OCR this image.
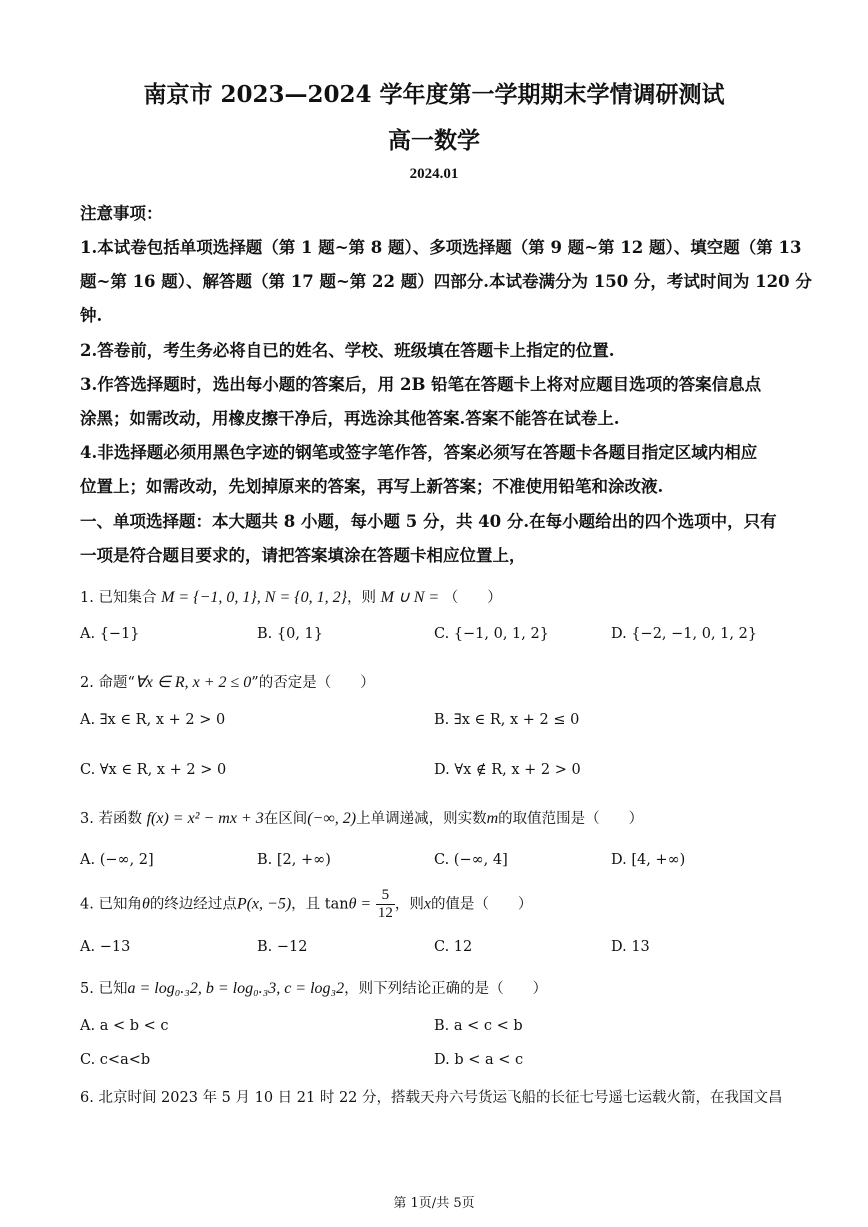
南京市 2023—2024 学年度第一学期期末学情调研测试
高一数学
2024.01
注意事项：
1.本试卷包括单项选择题（第 1 题~第 8 题）、多项选择题（第 9 题~第 12 题）、填空题（第 13
题~第 16 题）、解答题（第 17 题~第 22 题）四部分.本试卷满分为 150 分，考试时间为 120 分
钟.
2.答卷前，考生务必将自已的姓名、学校、班级填在答题卡上指定的位置.
3.作答选择题时，选出每小题的答案后，用 2B 铅笔在答题卡上将对应题目选项的答案信息点
涂黑；如需改动，用橡皮擦干净后，再选涂其他答案.答案不能答在试卷上.
4.非选择题必须用黑色字迹的钢笔或签字笔作答，答案必须写在答题卡各题目指定区域内相应
位置上；如需改动，先划掉原来的答案，再写上新答案；不准使用铅笔和涂改液.
一、单项选择题：本大题共 8 小题，每小题 5 分，共 40 分.在每小题给出的四个选项中，只有
一项是符合题目要求的，请把答案填涂在答题卡相应位置上，
1. 已知集合 M = {−1, 0, 1}, N = {0, 1, 2}，则 M ∪ N = （　　）
A. {−1}	B. {0, 1}	C. {−1, 0, 1, 2}	D. {−2, −1, 0, 1, 2}
2. 命题“∀x ∈ R, x + 2 ≤ 0”的否定是（　　）
A. ∃x ∈ R, x + 2 > 0	B. ∃x ∈ R, x + 2 ≤ 0
C. ∀x ∈ R, x + 2 > 0	D. ∀x ∉ R, x + 2 > 0
3. 若函数 f(x) = x² − mx + 3在区间(−∞, 2)上单调递减，则实数m的取值范围是（　　）
A. (−∞, 2]	B. [2, +∞)	C. (−∞, 4]	D. [4, +∞)
4. 已知角θ的终边经过点P(x, −5)，且 $\tan\theta = \frac{5}{12}$ ，则x的值是（　　）
A. −13	B. −12	C. 12	D. 13
5. 已知a = log₀.₃2, b = log₀.₃3, c = log₃2，则下列结论正确的是（　　）
A. a < b < c	B. a < c < b
C. c<a<b	D. b < a < c
6. 北京时间 2023 年 5 月 10 日 21 时 22 分，搭载天舟六号货运飞船的长征七号遥七运载火箭，在我国文昌
第 1页/共 5页
